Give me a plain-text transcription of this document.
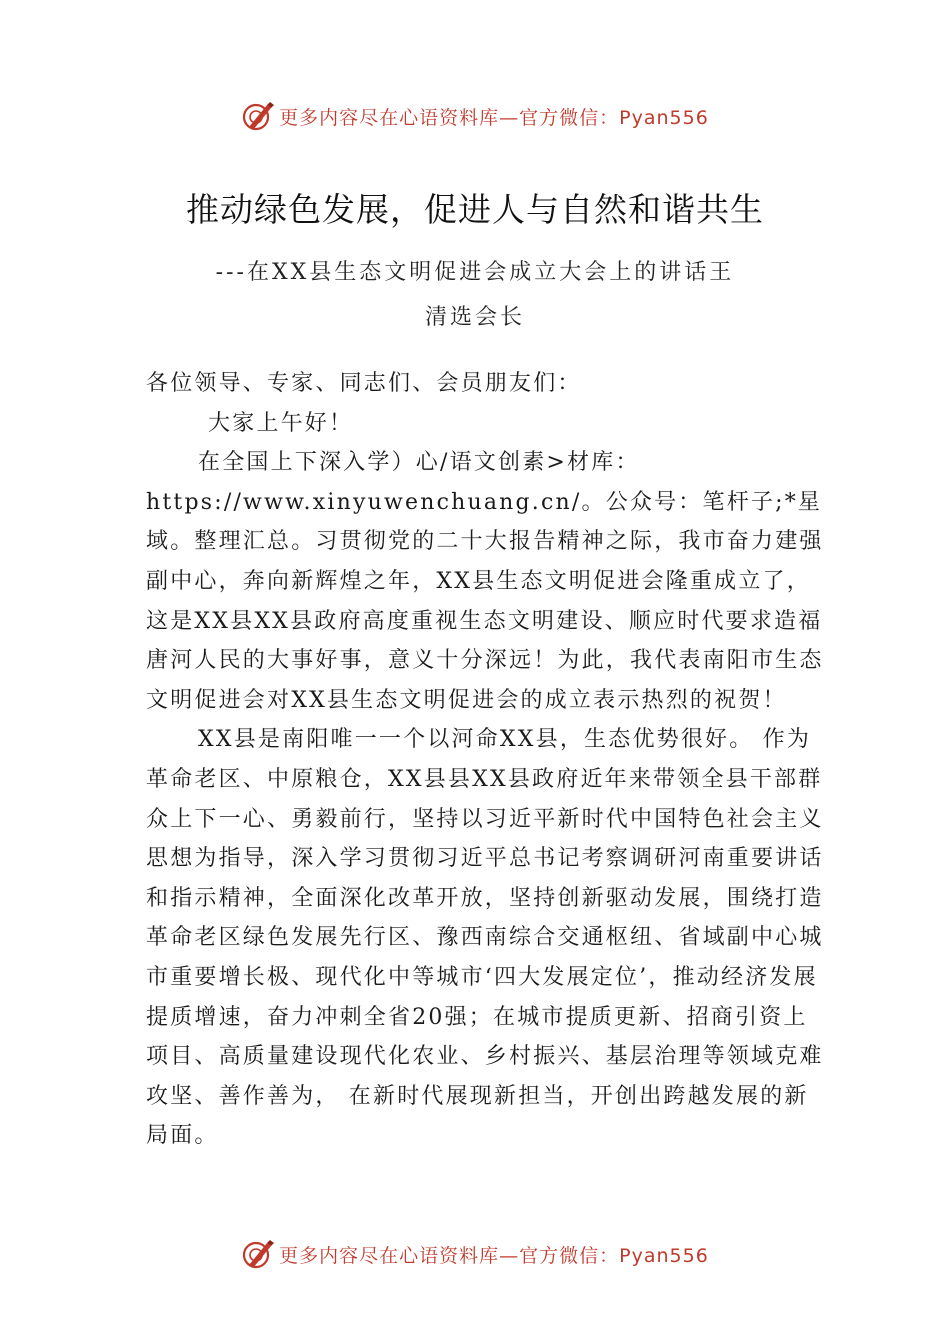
更多内容尽在心语资料库—官方微信：Pyan556
推动绿色发展，促进人与自然和谐共生

---在XX县生态文明促进会成立大会上的讲话王

清选会长

各位领导、专家、同志们、会员朋友们：

大家上午好！

在全国上下深入学）心/语文创素>材库：https://www.xinyuwenchuang.cn/。公众号：笔杆子;*星域。整理汇总。习贯彻党的二十大报告精神之际，我市奋力建强副中心，奔向新辉煌之年，XX县生态文明促进会隆重成立了，这是XX县XX县政府高度重视生态文明建设、顺应时代要求造福唐河人民的大事好事，意义十分深远！为此，我代表南阳市生态文明促进会对XX县生态文明促进会的成立表示热烈的祝贺！

XX县是南阳唯一一个以河命XX县，生态优势很好。 作为革命老区、中原粮仓，XX县县XX县政府近年来带领全县干部群众上下一心、勇毅前行，坚持以习近平新时代中国特色社会主义思想为指导，深入学习贯彻习近平总书记考察调研河南重要讲话和指示精神，全面深化改革开放，坚持创新驱动发展，围绕打造革命老区绿色发展先行区、豫西南综合交通枢纽、省域副中心城市重要增长极、现代化中等城市‘四大发展定位’，推动经济发展提质增速，奋力冲刺全省20强；在城市提质更新、招商引资上项目、高质量建设现代化农业、乡村振兴、基层治理等领域克难攻坚、善作善为， 在新时代展现新担当，开创出跨越发展的新局面。

更多内容尽在心语资料库—官方微信：Pyan556
